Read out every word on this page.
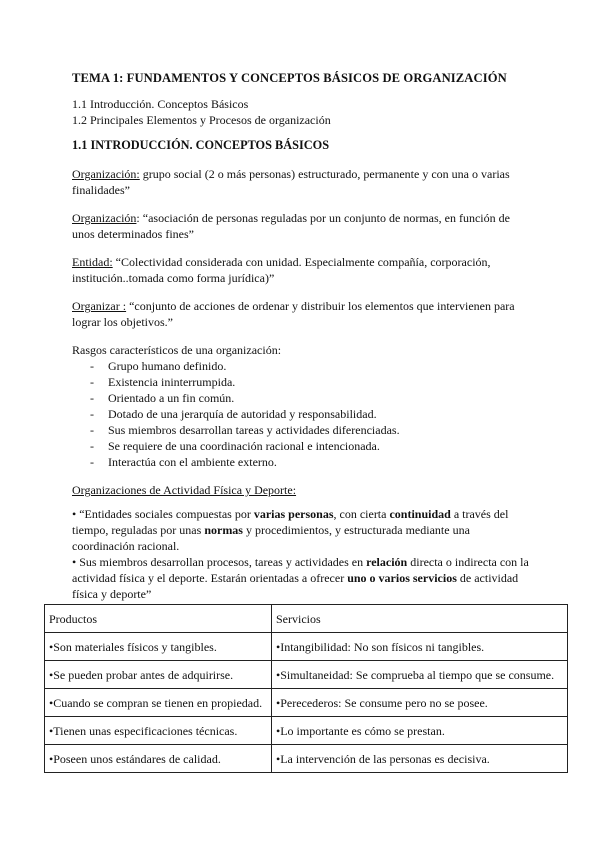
TEMA 1: FUNDAMENTOS Y CONCEPTOS BÁSICOS DE ORGANIZACIÓN
1.1 Introducción. Conceptos Básicos
1.2 Principales Elementos y Procesos de organización
1.1 INTRODUCCIÓN. CONCEPTOS BÁSICOS

Organización: grupo social (2 o más personas) estructurado, permanente y con una o varias finalidades”

Organización: “asociación de personas reguladas por un conjunto de normas, en función de unos determinados fines”

Entidad: “Colectividad considerada con unidad. Especialmente compañía, corporación, institución..tomada como forma jurídica)”

Organizar : “conjunto de acciones de ordenar y distribuir los elementos que intervienen para lograr los objetivos.”

Rasgos característicos de una organización:

- Grupo humano definido.
- Existencia ininterrumpida.
- Orientado a un fin común.
- Dotado de una jerarquía de autoridad y responsabilidad.
- Sus miembros desarrollan tareas y actividades diferenciadas.
- Se requiere de una coordinación racional e intencionada.
- Interactúa con el ambiente externo.

Organizaciones de Actividad Física y Deporte:

• “Entidades sociales compuestas por varias personas, con cierta continuidad a través del tiempo, reguladas por unas normas y procedimientos, y estructurada mediante una coordinación racional.

• Sus miembros desarrollan procesos, tareas y actividades en relación directa o indirecta con la actividad física y el deporte. Estarán orientadas a ofrecer uno o varios servicios de actividad física y deporte”

Productos	Servicios
•Son materiales físicos y tangibles.	•Intangibilidad: No son físicos ni tangibles.
•Se pueden probar antes de adquirirse.	•Simultaneidad: Se comprueba al tiempo que se consume.
•Cuando se compran se tienen en propiedad.	•Perecederos: Se consume pero no se posee.
•Tienen unas especificaciones técnicas.	•Lo importante es cómo se prestan.
•Poseen unos estándares de calidad.	•La intervención de las personas es decisiva.
